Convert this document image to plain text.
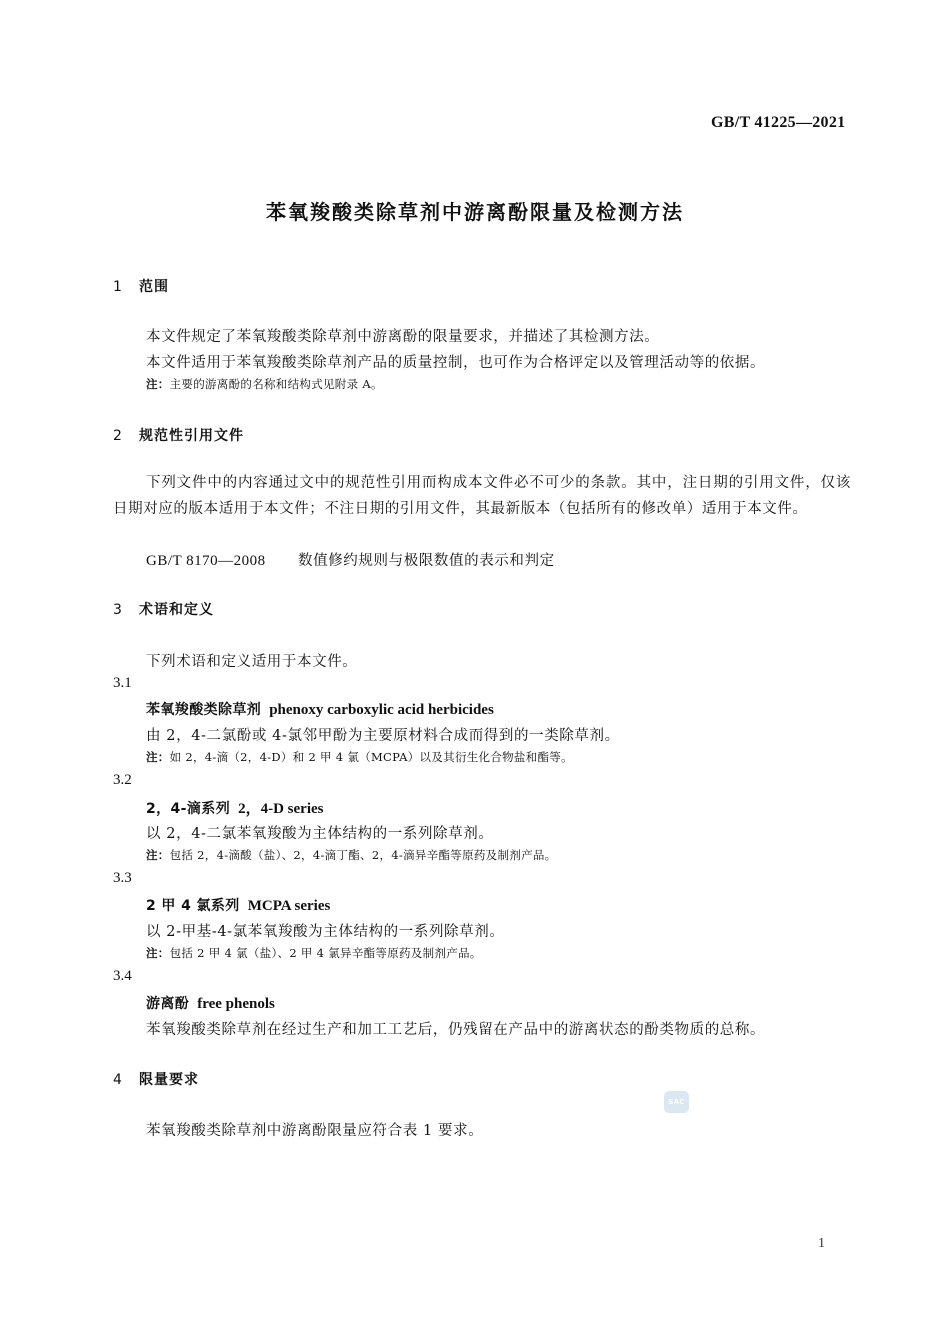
GB/T 41225—2021
苯氧羧酸类除草剂中游离酚限量及检测方法
1 范围
本文件规定了苯氧羧酸类除草剂中游离酚的限量要求，并描述了其检测方法。
本文件适用于苯氧羧酸类除草剂产品的质量控制，也可作为合格评定以及管理活动等的依据。
注：主要的游离酚的名称和结构式见附录 A。
2 规范性引用文件
下列文件中的内容通过文中的规范性引用而构成本文件必不可少的条款。其中，注日期的引用文件，仅该日期对应的版本适用于本文件；不注日期的引用文件，其最新版本（包括所有的修改单）适用于本文件。
GB/T 8170—2008 数值修约规则与极限数值的表示和判定
3 术语和定义
下列术语和定义适用于本文件。
3.1
苯氧羧酸类除草剂 phenoxy carboxylic acid herbicides
由 2，4-二氯酚或 4-氯邻甲酚为主要原材料合成而得到的一类除草剂。
注：如 2，4-滴（2，4-D）和 2 甲 4 氯（MCPA）以及其衍生化合物盐和酯等。
3.2
2，4-滴系列 2，4-D series
以 2，4-二氯苯氧羧酸为主体结构的一系列除草剂。
注：包括 2，4-滴酸（盐）、2，4-滴丁酯、2，4-滴异辛酯等原药及制剂产品。
3.3
2 甲 4 氯系列 MCPA series
以 2-甲基-4-氯苯氧羧酸为主体结构的一系列除草剂。
注：包括 2 甲 4 氯（盐）、2 甲 4 氯异辛酯等原药及制剂产品。
3.4
游离酚 free phenols
苯氧羧酸类除草剂在经过生产和加工工艺后，仍残留在产品中的游离状态的酚类物质的总称。
4 限量要求
苯氧羧酸类除草剂中游离酚限量应符合表 1 要求。
SAC
1
